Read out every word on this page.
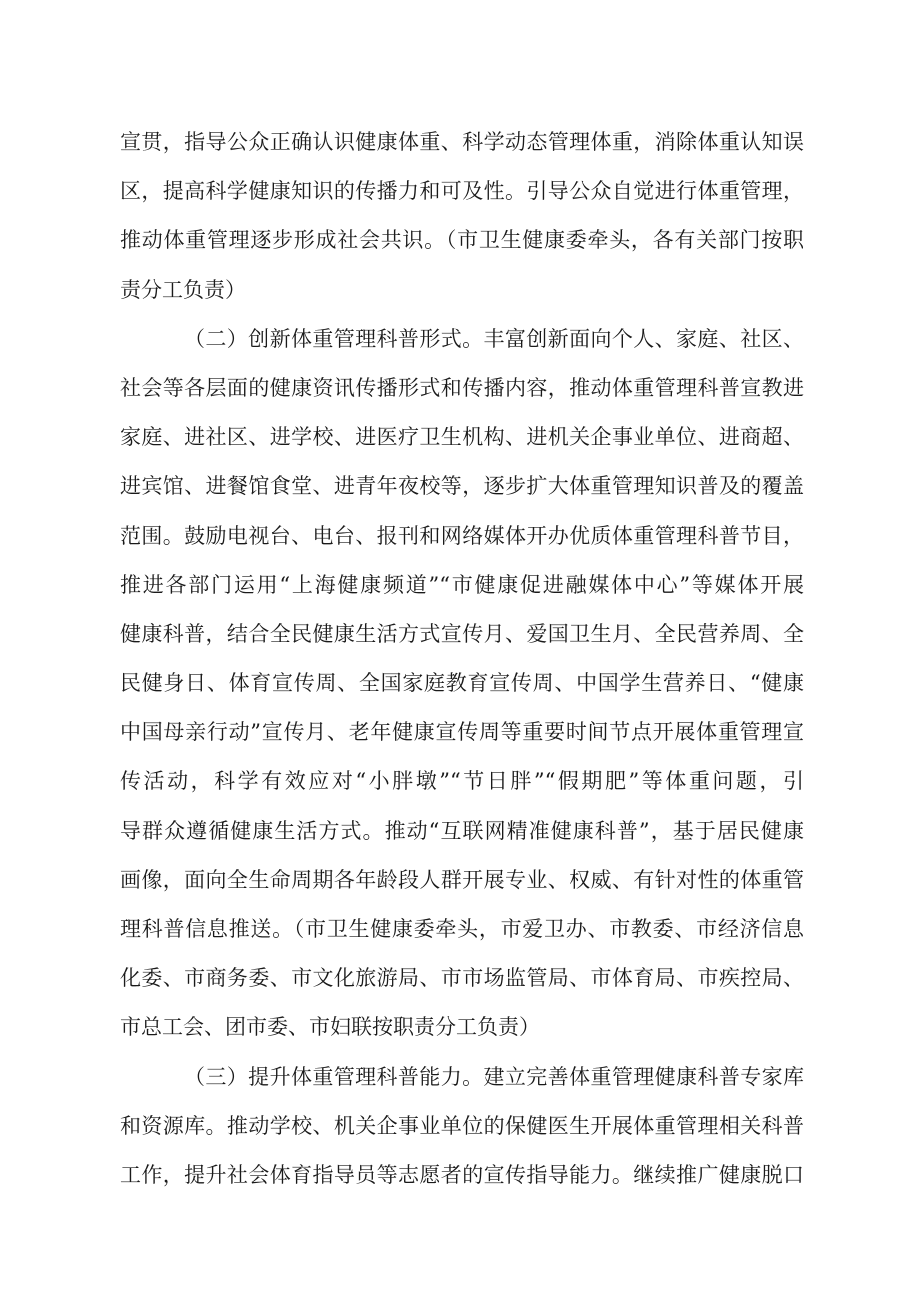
宣贯，指导公众正确认识健康体重、科学动态管理体重，消除体重认知误
区，提高科学健康知识的传播力和可及性。引导公众自觉进行体重管理，
推动体重管理逐步形成社会共识。（市卫生健康委牵头，各有关部门按职
责分工负责）
（二）创新体重管理科普形式。丰富创新面向个人、家庭、社区、
社会等各层面的健康资讯传播形式和传播内容，推动体重管理科普宣教进
家庭、进社区、进学校、进医疗卫生机构、进机关企事业单位、进商超、
进宾馆、进餐馆食堂、进青年夜校等，逐步扩大体重管理知识普及的覆盖
范围。鼓励电视台、电台、报刊和网络媒体开办优质体重管理科普节目，
推进各部门运用“上海健康频道”“市健康促进融媒体中心”等媒体开展
健康科普，结合全民健康生活方式宣传月、爱国卫生月、全民营养周、全
民健身日、体育宣传周、全国家庭教育宣传周、中国学生营养日、“健康
中国母亲行动”宣传月、老年健康宣传周等重要时间节点开展体重管理宣
传活动，科学有效应对“小胖墩”“节日胖”“假期肥”等体重问题，引
导群众遵循健康生活方式。推动“互联网精准健康科普”，基于居民健康
画像，面向全生命周期各年龄段人群开展专业、权威、有针对性的体重管
理科普信息推送。（市卫生健康委牵头，市爱卫办、市教委、市经济信息
化委、市商务委、市文化旅游局、市市场监管局、市体育局、市疾控局、
市总工会、团市委、市妇联按职责分工负责）
（三）提升体重管理科普能力。建立完善体重管理健康科普专家库
和资源库。推动学校、机关企事业单位的保健医生开展体重管理相关科普
工作，提升社会体育指导员等志愿者的宣传指导能力。继续推广健康脱口
